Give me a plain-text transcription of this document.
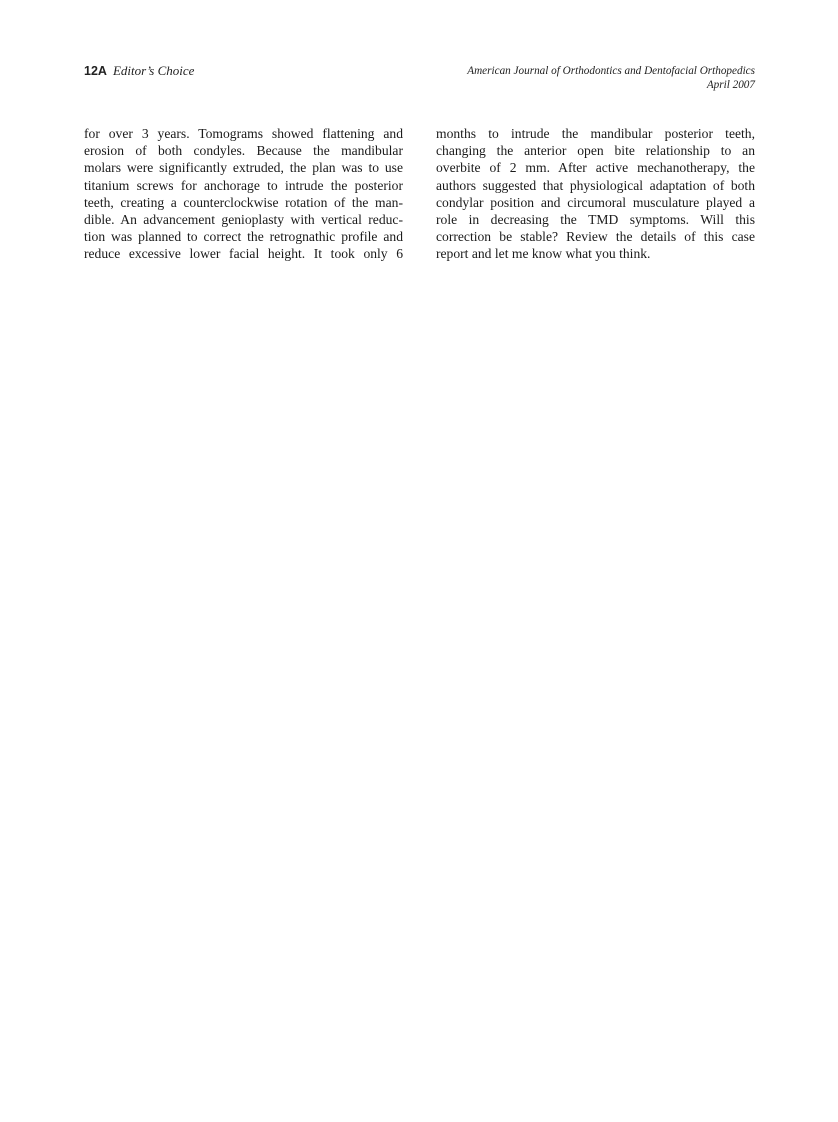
12A Editor’s Choice	American Journal of Orthodontics and Dentofacial Orthopedics
April 2007
for over 3 years. Tomograms showed flattening and
erosion of both condyles. Because the mandibular
molars were significantly extruded, the plan was to use
titanium screws for anchorage to intrude the posterior
teeth, creating a counterclockwise rotation of the man-
dible. An advancement genioplasty with vertical reduc-
tion was planned to correct the retrognathic profile and
reduce excessive lower facial height. It took only 6
months to intrude the mandibular posterior teeth,
changing the anterior open bite relationship to an
overbite of 2 mm. After active mechanotherapy, the
authors suggested that physiological adaptation of both
condylar position and circumoral musculature played a
role in decreasing the TMD symptoms. Will this
correction be stable? Review the details of this case
report and let me know what you think.
